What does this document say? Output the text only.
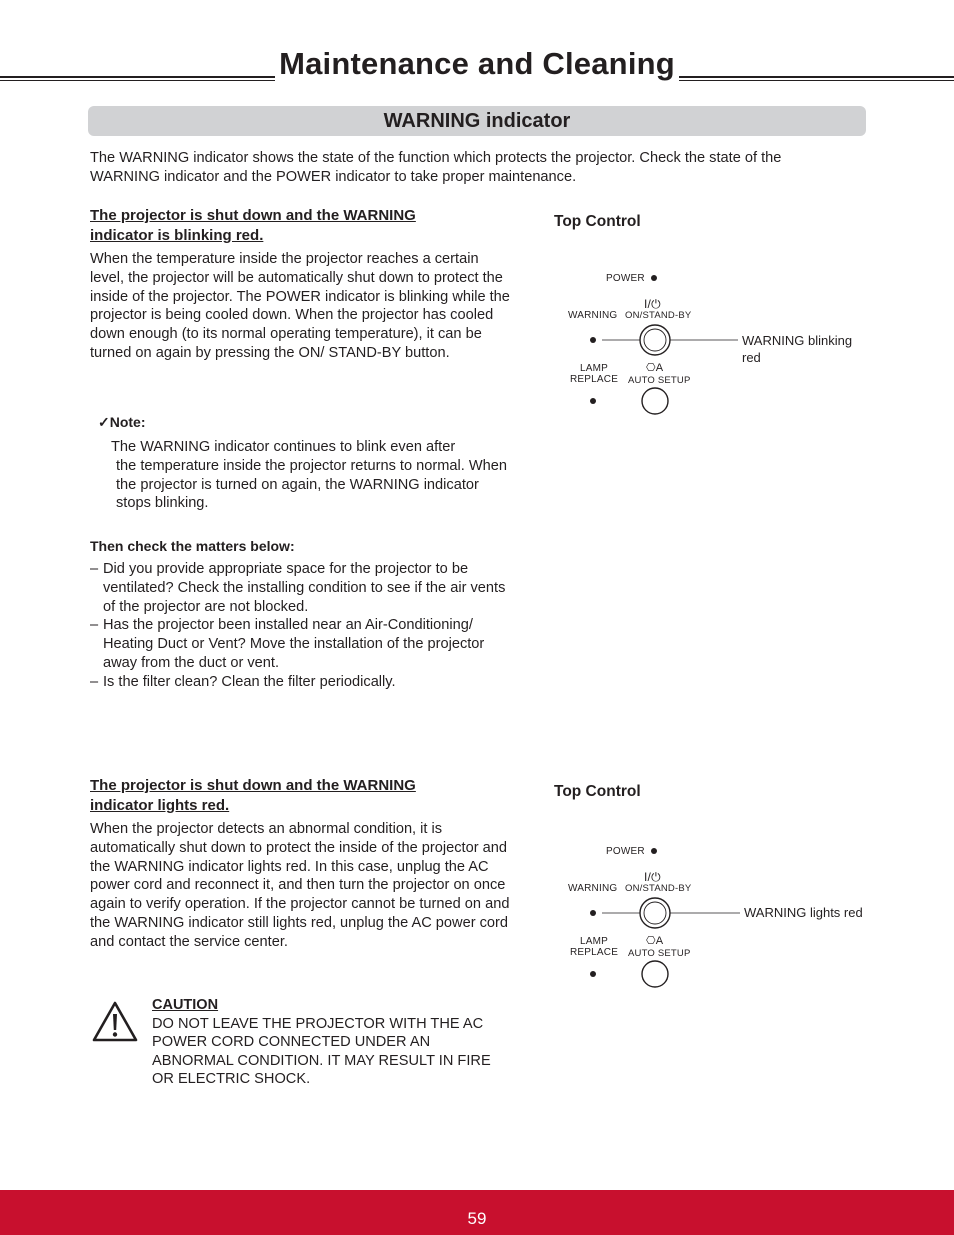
Maintenance and Cleaning
WARNING indicator
The WARNING indicator shows the state of the function which protects the projector. Check the state of the WARNING indicator and the POWER indicator to take proper maintenance.
The projector is shut down and the WARNING
indicator is blinking red.
When the temperature inside the projector reaches a certain level, the projector will be automatically shut down to protect the inside of the projector. The POWER indicator is blinking while the projector is being cooled down. When the projector has cooled down enough (to its normal operating temperature), it can be turned on again by pressing the ON/ STAND-BY button.
✓Note:
The WARNING indicator continues to blink even after
the temperature inside the projector returns to normal. When the projector is turned on again, the WARNING indicator stops blinking.
Then check the matters below:
– Did you provide appropriate space for the projector to be ventilated? Check the installing condition to see if the air vents of the projector are not blocked.
– Has the projector been installed near an Air-Conditioning/ Heating Duct or Vent? Move the installation of the projector away from the duct or vent.
– Is the filter clean? Clean the filter periodically.
Top Control
POWER
I/⏻
WARNING ON/STAND-BY
LAMP
REPLACE
⎔A
AUTO SETUP
WARNING blinking red
The projector is shut down and the WARNING
indicator lights red.
When the projector detects an abnormal condition, it is automatically shut down to protect the inside of the projector and the WARNING indicator lights red. In this case, unplug the AC power cord and reconnect it, and then turn the projector on once again to verify operation. If the projector cannot be turned on and the WARNING indicator still lights red, unplug the AC power cord and contact the service center.
Top Control
POWER
I/⏻
WARNING ON/STAND-BY
LAMP
REPLACE
⎔A
AUTO SETUP
WARNING lights red
CAUTION
DO NOT LEAVE THE PROJECTOR WITH THE AC POWER CORD CONNECTED UNDER AN ABNORMAL CONDITION. IT MAY RESULT IN FIRE OR ELECTRIC SHOCK.
59
